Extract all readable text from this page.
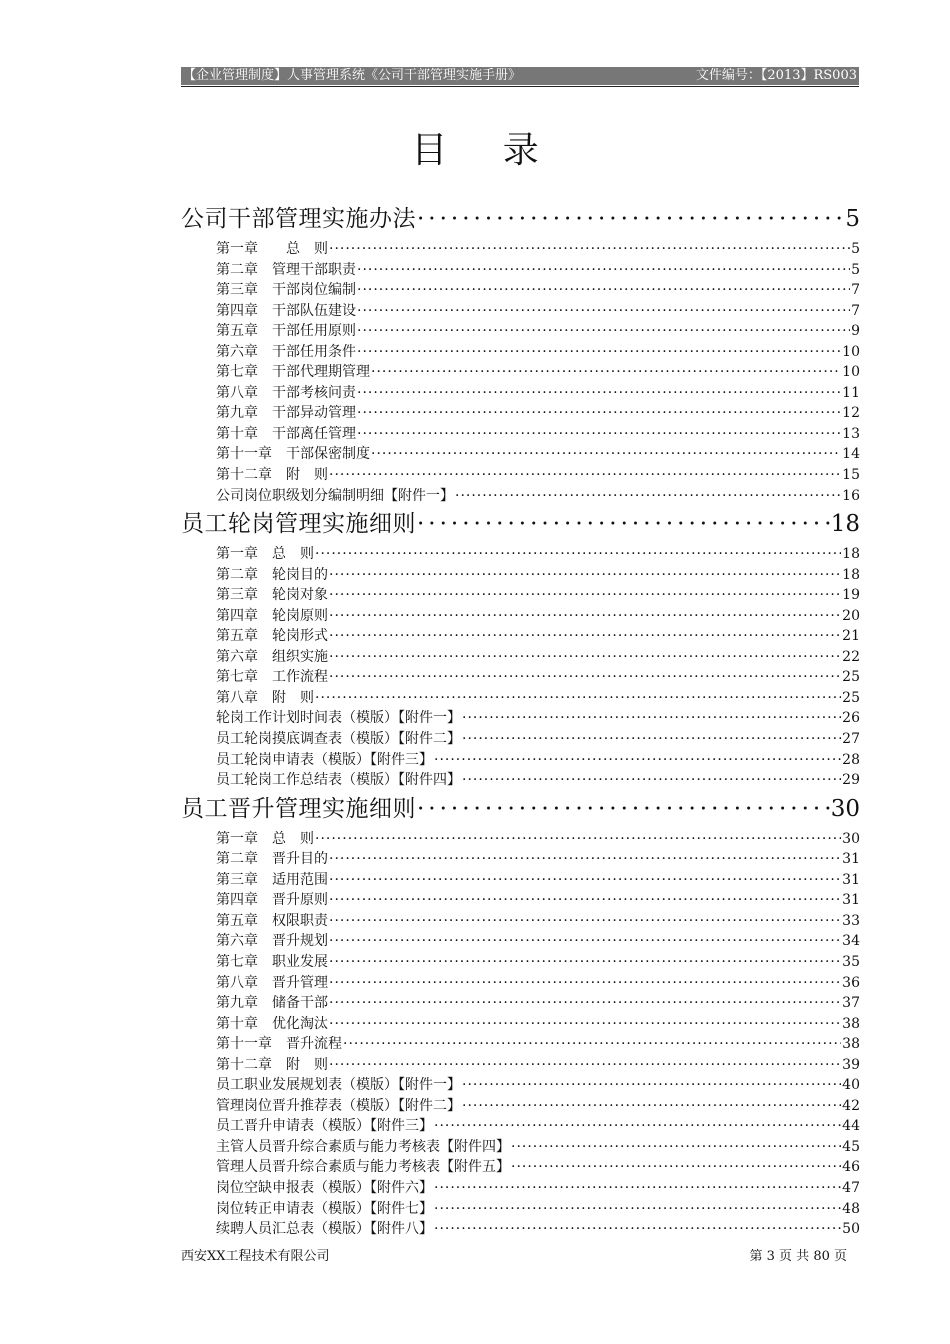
【企业管理制度】人事管理系统《公司干部管理实施手册》	文件编号：【2013】RS003
目 录
公司干部管理实施办法 ·····	5
第一章　　总　则 ·····	5
第二章　管理干部职责 ·····	5
第三章　干部岗位编制 ·····	7
第四章　干部队伍建设 ·····	7
第五章　干部任用原则 ·····	9
第六章　干部任用条件 ·····	10
第七章　干部代理期管理 ·····	10
第八章　干部考核问责 ·····	11
第九章　干部异动管理 ·····	12
第十章　干部离任管理 ·····	13
第十一章　干部保密制度 ·····	14
第十二章　附　则 ·····	15
公司岗位职级划分编制明细【附件一】 ·····	16
员工轮岗管理实施细则 ·····	18
第一章　总　则 ·····	18
第二章　轮岗目的 ·····	18
第三章　轮岗对象 ·····	19
第四章　轮岗原则 ·····	20
第五章　轮岗形式 ·····	21
第六章　组织实施 ·····	22
第七章　工作流程 ·····	25
第八章　附　则 ·····	25
轮岗工作计划时间表（模版）【附件一】 ·····	26
员工轮岗摸底调查表（模版）【附件二】 ·····	27
员工轮岗申请表（模版）【附件三】 ·····	28
员工轮岗工作总结表（模版）【附件四】 ·····	29
员工晋升管理实施细则 ·····	30
第一章　总　则 ·····	30
第二章　晋升目的 ·····	31
第三章　适用范围 ·····	31
第四章　晋升原则 ·····	31
第五章　权限职责 ·····	33
第六章　晋升规划 ·····	34
第七章　职业发展 ·····	35
第八章　晋升管理 ·····	36
第九章　储备干部 ·····	37
第十章　优化淘汰 ·····	38
第十一章　晋升流程 ·····	38
第十二章　附　则 ·····	39
员工职业发展规划表（模版）【附件一】 ·····	40
管理岗位晋升推荐表（模版）【附件二】 ·····	42
员工晋升申请表（模版）【附件三】 ·····	44
主管人员晋升综合素质与能力考核表【附件四】 ·····	45
管理人员晋升综合素质与能力考核表【附件五】 ·····	46
岗位空缺申报表（模版）【附件六】 ·····	47
岗位转正申请表（模版）【附件七】 ·····	48
续聘人员汇总表（模版）【附件八】 ·····	50
西安XX工程技术有限公司	第 3 页 共 80 页
